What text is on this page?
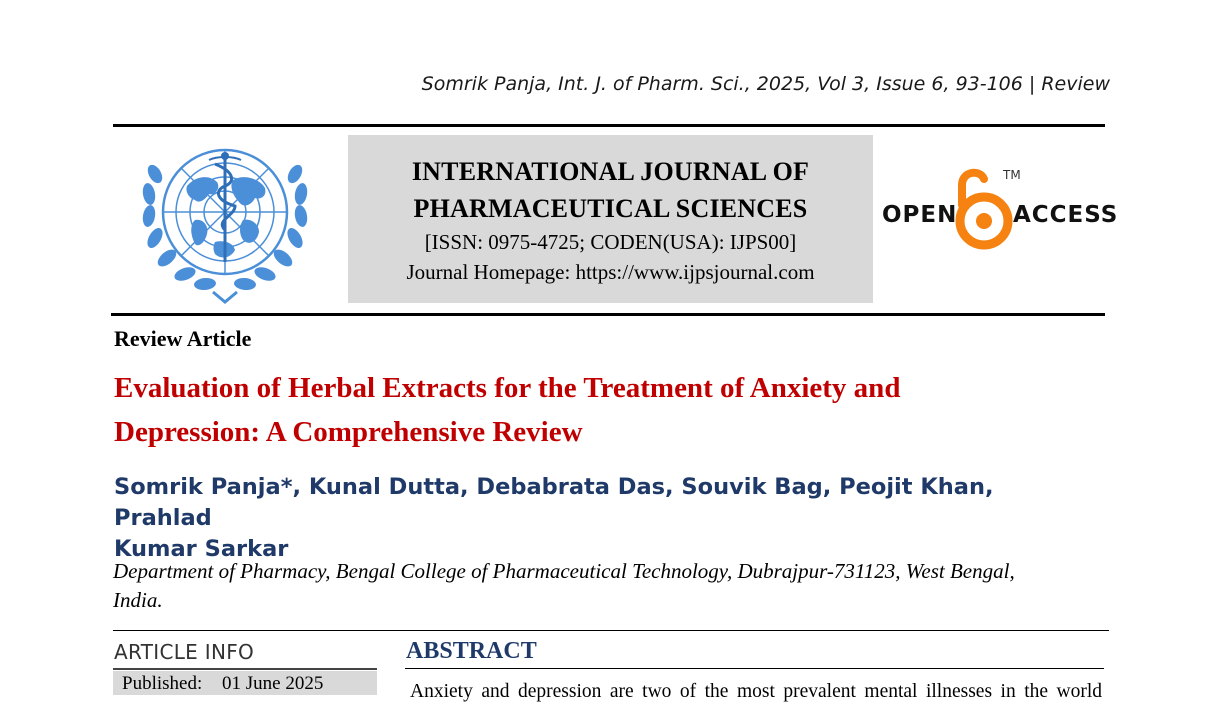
Somrik Panja, Int. J. of Pharm. Sci., 2025, Vol 3, Issue 6, 93-106 | Review
INTERNATIONAL JOURNAL OF
PHARMACEUTICAL SCIENCES
[ISSN: 0975-4725; CODEN(USA): IJPS00]
Journal Homepage: https://www.ijpsjournal.com
OPEN
TM
ACCESS
Review Article
Evaluation of Herbal Extracts for the Treatment of Anxiety and
Depression: A Comprehensive Review
Somrik Panja*, Kunal Dutta, Debabrata Das, Souvik Bag, Peojit Khan, Prahlad
Kumar Sarkar
Department of Pharmacy, Bengal College of Pharmaceutical Technology, Dubrajpur-731123, West Bengal,
India.
ARTICLE INFO
Published: 01 June 2025
ABSTRACT
Anxiety and depression are two of the most prevalent mental illnesses in the world
